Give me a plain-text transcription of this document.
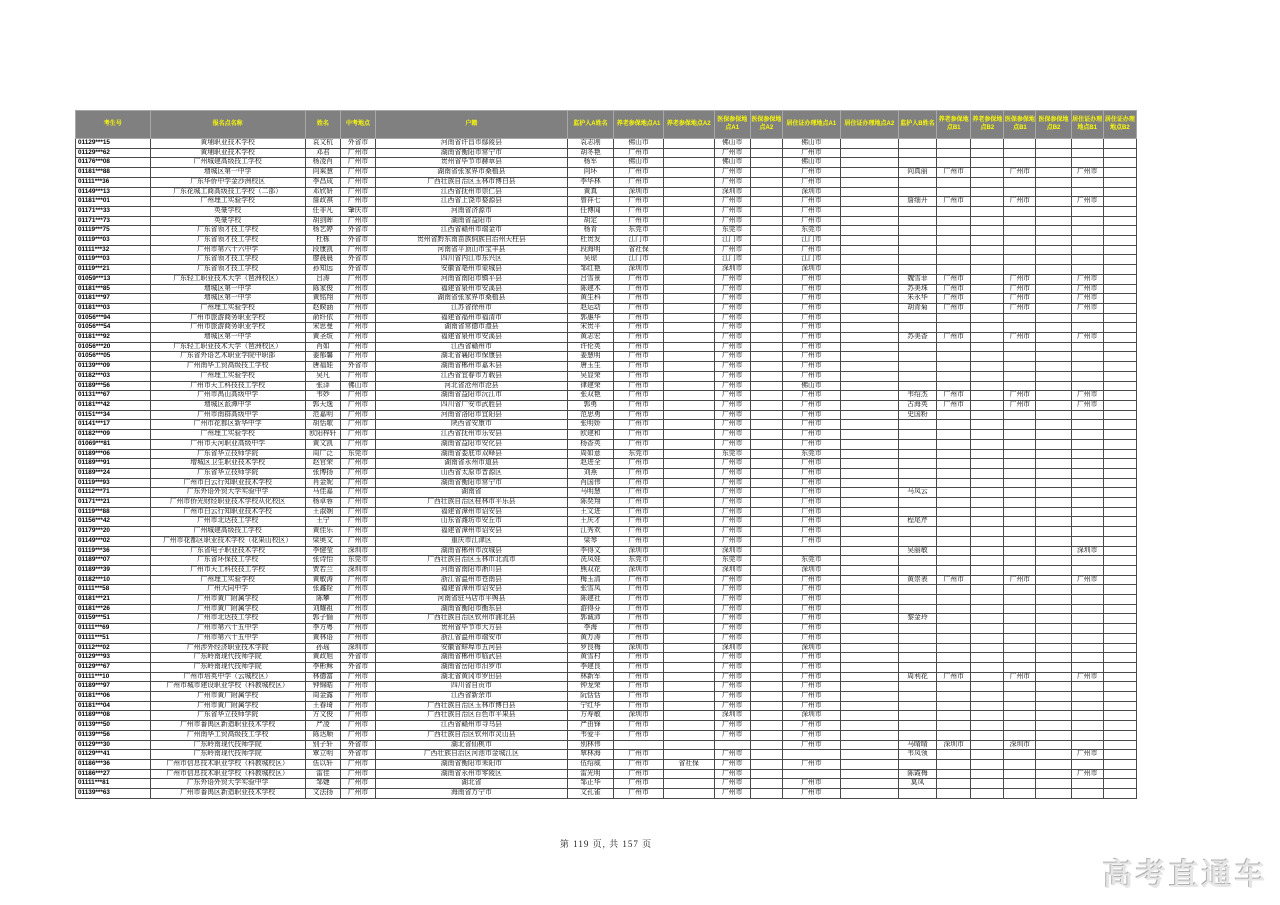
考生号	报名点名称	姓名	中考地点	户籍	监护人A姓名	养老参保地点A1	养老参保地点A2	医保参保地点A1	医保参保地点A2	居住证办理地点A1	居住证办理地点A2	监护人B姓名	养老参保地点B1	养老参保地点B2	医保参保地点B1	医保参保地点B2	居住证办理地点B1	居住证办理地点B2
01129***15	黄埔职业技术学校	袁文杭	外省市	河南省许昌市鄢陵县	袁志刚	佛山市		佛山市		佛山市								
01129***62	黄埔职业技术学校	邓君	广州市	湖南省衡阳市常宁市	胡冬艳	广州市		广州市		广州市								
01176***08	广州城建高级技工学校	杨凌肖	广州市	贵州省毕节市赫章县	杨军	佛山市		佛山市		佛山市								
01181***88	增城区第一中学	向乘慧	广州市	湖南省张家界市桑植县	向环	广州市		广州市		广州市		向真丽	广州市		广州市		广州市	
01111***36	广东华侨中学金沙洲校区	李昌成	广州市	广西壮族自治区玉林市博白县	李华林	广州市		广州市		广州市								
01149***13	广东花城工商高级技工学校（二部）	邓欣妍	广州市	江西省抚州市崇仁县	黄真	深圳市		深圳市		深圳市								
01181***01	广州理工实验学校	詹政祺	广州市	江西省上饶市婺源县	曾祥七	广州市		广州市		广州市		詹细开	广州市		广州市		广州市	
01171***33	英豪学校	任非凡	肇庆市	河南省济源市	任博闻	广州市		广州市		广州市								
01171***73	英豪学校	胡剑晖	广州市	湖南省益阳市	胡定	广州市		广州市		广州市								
01119***75	广东省领才技工学校	杨艺婷	外省市	江西省赣州市瑞金市	杨青	东莞市		东莞市		东莞市								
01119***03	广东省领才技工学校	杜栋	外省市	贵州省黔东南苗族侗族自治州天柱县	杜贵发	江门市		江门市		江门市								
01111***32	广州市第六十六中学	段康凯	广州市	河南省平顶山市宝丰县	段海明	省社保		广州市		广州市								
01119***03	广东省领才技工学校	廖晨晨	外省市	四川省内江市东兴区	吴琼	江门市		江门市		江门市								
01119***21	广东省领才技工学校	孙知远	外省市	安徽省亳州市蒙城县	邹红艳	深圳市		深圳市		深圳市								
01059***13	广东轻工职业技术大学（琶洲校区）	吕涛	广州市	河南省南阳市镇平县	吕雪景	广州市		广州市		广州市		魏雪菲	广州市		广州市		广州市	
01181***85	增城区第一中学	陈家俊	广州市	福建省泉州市安溪县	陈建木	广州市		广州市		广州市		苏美珠	广州市		广州市		广州市	
01181***97	增城区第一中学	黄铭翔	广州市	湖南省张家界市桑植县	黄生科	广州市		广州市		广州市		朱永华	广州市		广州市		广州市	
01181***03	广州理工实验学校	赵睽涵	广州市	江苏省徐州市	赵运动	广州市		广州市		广州市		胡青菊	广州市		广州市		广州市	
01056***94	广州市旅游商务职业学校	俞纤依	广州市	福建省福州市福清市	郭惠华	广州市		广州市		广州市								
01056***54	广州市旅游商务职业学校	宋思曼	广州市	湖南省常德市澧县	宋贵平	广州市		广州市		广州市								
01181***92	增城区第一中学	黄圣绂	广州市	福建省泉州市安溪县	黄志宏	广州市		广州市		广州市		苏美香	广州市		广州市		广州市	
01056***20	广东轻工职业技术大学（琶洲校区）	肖如	广州市	江西省赣州市	许伦英	广州市		广州市		广州市								
01056***05	广东省外语艺术职业学院中职部	姜郁馨	广州市	湖北省襄阳市保康县	姜慧明	广州市		广州市		广州市								
01139***09	广州南华工贸高级技工学校	唐福娃	外省市	湖南省郴州市嘉禾县	唐玉生	广州市		广州市		广州市								
01182***03	广州理工实验学校	吴凡	广州市	江西省宜春市万载县	吴显荣	广州市		广州市		广州市								
01189***56	广州市天工科技技工学校	张泽	佛山市	河北省沧州市沧县	律建荣	广州市		广州市		佛山市								
01131***67	广州市禺山高级中学	韦妙	广州市	湖南省益阳市沅江市	张双艳	广州市		广州市		广州市		韦绍杰	广州市		广州市		广州市	
01181***42	增城区派潭中学	郭天逸	广州市	四川省广安市武胜县	郭勇	广州市		广州市		广州市		古海英	广州市		广州市		广州市	
01151***34	广州市南群高级中学	范嘉明	广州市	河南省洛阳市宜阳县	范思勇	广州市		广州市		广州市		史国粉						
01141***17	广州市花都区新华中学	胡恬歌	广州市	陕西省安康市	张明娇	广州市		广州市		广州市								
01182***09	广州理工实验学校	欧阳梓轩	广州市	江西省抚州市乐安县	欧建和	广州市		广州市		广州市								
01069***81	广州市天河职业高级中学	黄文凯	广州市	湖南省益阳市安化县	杨香英	广州市		广州市		广州市								
01189***06	广东省华立技师学院	周广泛	东莞市	湖南省娄底市双峰县	周如意	东莞市		东莞市		东莞市								
01189***91	增城区卫生职业技术学校	赵官荣	广州市	湖南省永州市道县	赵进全	广州市		广州市		广州市								
01189***24	广东省华立技师学院	张博扬	广州市	山西省太原市晋源区	刘燕	广州市		广州市		广州市								
01119***93	广州市白云行知职业技术学校	肖金妮	广州市	湖南省衡阳市常宁市	肖国伟	广州市		广州市		广州市								
01112***71	广东外语外贸大学实验中学	马佳嘉	广州市	湖南省	马明慧	广州市		广州市		广州市		马凤云						
01171***21	广州市侨光财经职业技术学校从化校区	杨卓蓉	广州市	广西壮族自治区桂林市平乐县	陈奕翔	广州市		广州市		广州市								
01119***88	广州市白云行知职业技术学校	王淑娴	广州市	福建省漳州市诏安县	王文进	广州市		广州市		广州市								
01156***42	广州市北达技工学校	王宁	广州市	山东省潍坊市安丘市	王庆才	广州市		广州市		广州市		程尾芹						
01179***20	广州城建高级技工学校	黄佳乐	广州市	福建省漳州市诏安县	江秀欢	广州市		广州市		广州市								
01149***02	广州市花都区职业技术学校（花果山校区）	梁奥文	广州市	重庆市江津区	梁琴	广州市		广州市		广州市								
01119***36	广东省电子职业技术学校	李健莹	深圳市	湖南省郴州市汝城县	李得文	深圳市		深圳市				吴丽敏					深圳市	
01189***07	广东省环保技工学校	张诗怡	东莞市	广西壮族自治区玉林市北流市	冼凤娃	东莞市		东莞市		东莞市								
01189***39	广州市天工科技技工学校	贾若兰	深圳市	河南省南阳市淅川县	熊双花	深圳市		深圳市		深圳市								
01182***10	广州理工实验学校	黄敏涛	广州市	浙江省温州市苍南县	梅玉清	广州市		广州市		广州市		黄崇表	广州市		广州市		广州市	
01111***58	广州大同中学	张鑫铨	广州市	福建省漳州市诏安县	张雪凤	广州市		广州市		广州市								
01181***21	广州市黄广附属学校	陈攀	广州市	河南省驻马店市平舆县	陈建社	广州市		广州市		广州市								
01181***26	广州市黄广附属学校	刘耀祖	广州市	湖南省衡阳市衡东县	游得芬	广州市		广州市		广州市								
01159***51	广州市北达技工学校	郭子愉	广州市	广西壮族自治区钦州市浦北县	郭诚沛	广州市		广州市		广州市		黎金玲						
01111***69	广州市第六十五中学	李方粤	广州市	贵州省毕节市大方县	李海	广州市		广州市		广州市								
01111***51	广州市第六十五中学	黄林语	广州市	浙江省温州市瑞安市	黄万涛	广州市		广州市		广州市								
01112***02	广州涉外经济职业技术学院	孙瑶	深圳市	安徽省蚌埠市五河县	罗良梅	深圳市		深圳市		深圳市								
01129***93	广东岭南现代技师学院	黄政旭	外省市	湖南省郴州市临武县	黄雪村	广州市		广州市		广州市								
01129***67	广东岭南现代技师学院	李彬稣	外省市	湖南省岳阳市汨罗市	李建良	广州市		广州市		广州市								
01111***10	广州市培英中学（云城校区）	林德富	广州市	湖北省黄冈市罗田县	林新军	广州市		广州市		广州市		周利花	广州市		广州市		广州市	
01189***97	广州市城市建设职业学校（科教城校区）	钟锦皓	广州市	四川省自贡市	钟龙荣	广州市		广州市		广州市								
01181***06	广州市黄广附属学校	周金露	广州市	江西省新余市	阮恬恬	广州市		广州市		广州市								
01181***04	广州市黄广附属学校	王春琦	广州市	广西壮族自治区玉林市博白县	宁红华	广州市		广州市		广州市								
01189***08	广东省华立技师学院	方文俊	广州市	广西壮族自治区百色市平果县	方寿敏	深圳市		深圳市		深圳市								
01139***50	广州市番禺区新造职业技术学校	严凌	广州市	江西省赣州市寻乌县	严由锋	广州市		广州市		广州市								
01139***56	广州南华工贸高级技工学校	陈达顺	广州市	广西壮族自治区钦州市灵山县	韦爱平	广州市		广州市		广州市								
01129***30	广东岭南现代技师学院	别子轩	外省市	湖北省仙桃市	别林伟					广州市		马晴晴	深圳市		深圳市			
01129***41	广东岭南现代技师学院	覃立明	外省市	广西壮族自治区河池市金城江区	覃林海	广州市		广州市				韦凤领					广州市	
01186***36	广州市信息技术职业学校（科教城校区）	伍以轩	广州市	湖南省衡阳市耒阳市	伍绍威	广州市	省社保	广州市		广州市								
01186***27	广州市信息技术职业学校（科教城校区）	雷佳	广州市	湖南省永州市零陵区	雷光明	广州市		广州市				陈霞梅					广州市	
01111***81	广东外语外贸大学实验中学	邹婕	广州市	湖北省	邹正华	广州市		广州市		广州市		莫凤						
01139***63	广州市番禺区新造职业技术学校	文法扬	广州市	海南省万宁市	文孔雀	广州市		广州市		广州市								
第 119 页, 共 157 页
高考直通车
